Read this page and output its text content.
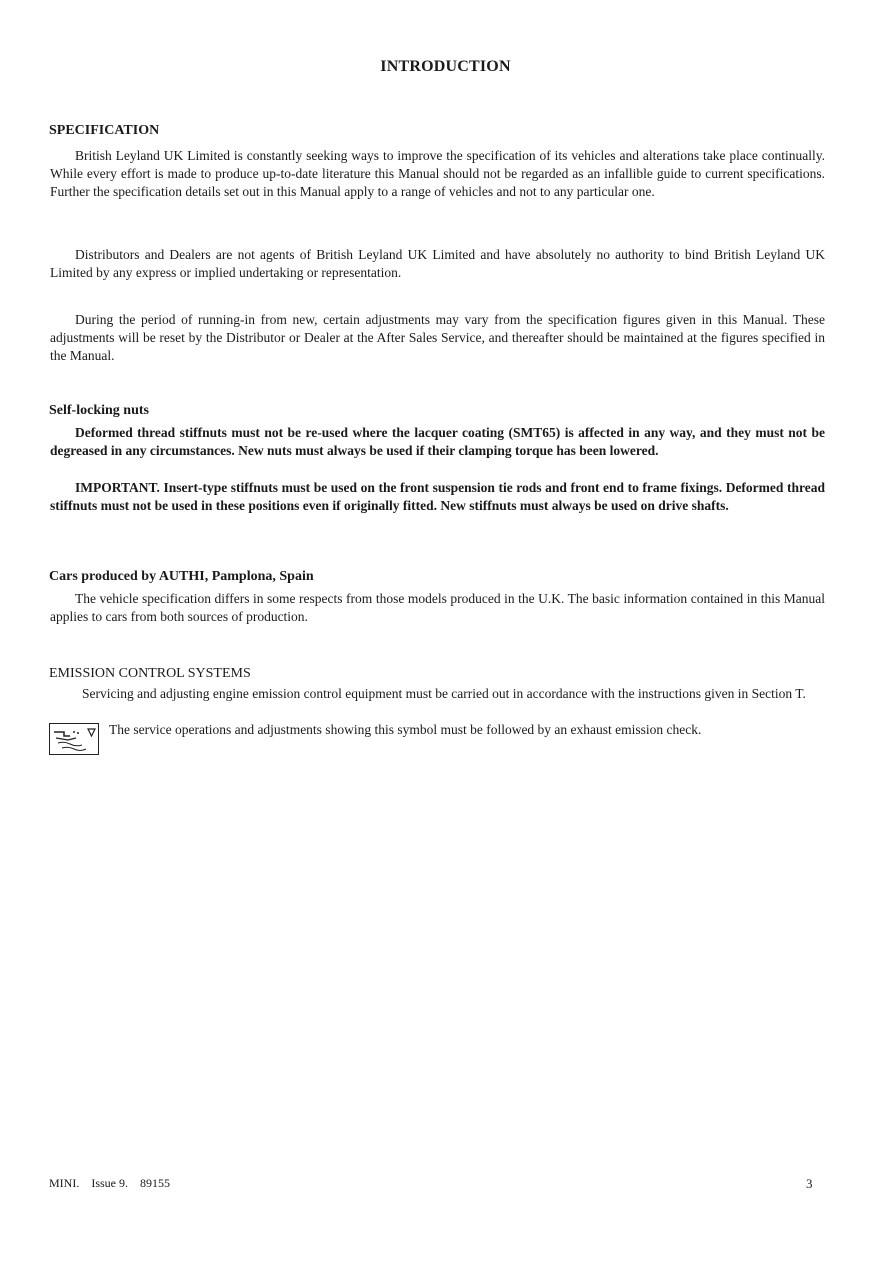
INTRODUCTION
SPECIFICATION
British Leyland UK Limited is constantly seeking ways to improve the specification of its vehicles and alterations take place continually. While every effort is made to produce up-to-date literature this Manual should not be regarded as an infallible guide to current specifications. Further the specification details set out in this Manual apply to a range of vehicles and not to any particular one.
Distributors and Dealers are not agents of British Leyland UK Limited and have absolutely no authority to bind British Leyland UK Limited by any express or implied undertaking or representation.
During the period of running-in from new, certain adjustments may vary from the specification figures given in this Manual. These adjustments will be reset by the Distributor or Dealer at the After Sales Service, and thereafter should be maintained at the figures specified in the Manual.
Self-locking nuts
Deformed thread stiffnuts must not be re-used where the lacquer coating (SMT65) is affected in any way, and they must not be degreased in any circumstances. New nuts must always be used if their clamping torque has been lowered.
IMPORTANT. Insert-type stiffnuts must be used on the front suspension tie rods and front end to frame fixings. Deformed thread stiffnuts must not be used in these positions even if originally fitted. New stiffnuts must always be used on drive shafts.
Cars produced by AUTHI, Pamplona, Spain
The vehicle specification differs in some respects from those models produced in the U.K. The basic information contained in this Manual applies to cars from both sources of production.
EMISSION CONTROL SYSTEMS
Servicing and adjusting engine emission control equipment must be carried out in accordance with the instructions given in Section T.
The service operations and adjustments showing this symbol must be followed by an exhaust emission check.
MINI. Issue 9. 89155	3
